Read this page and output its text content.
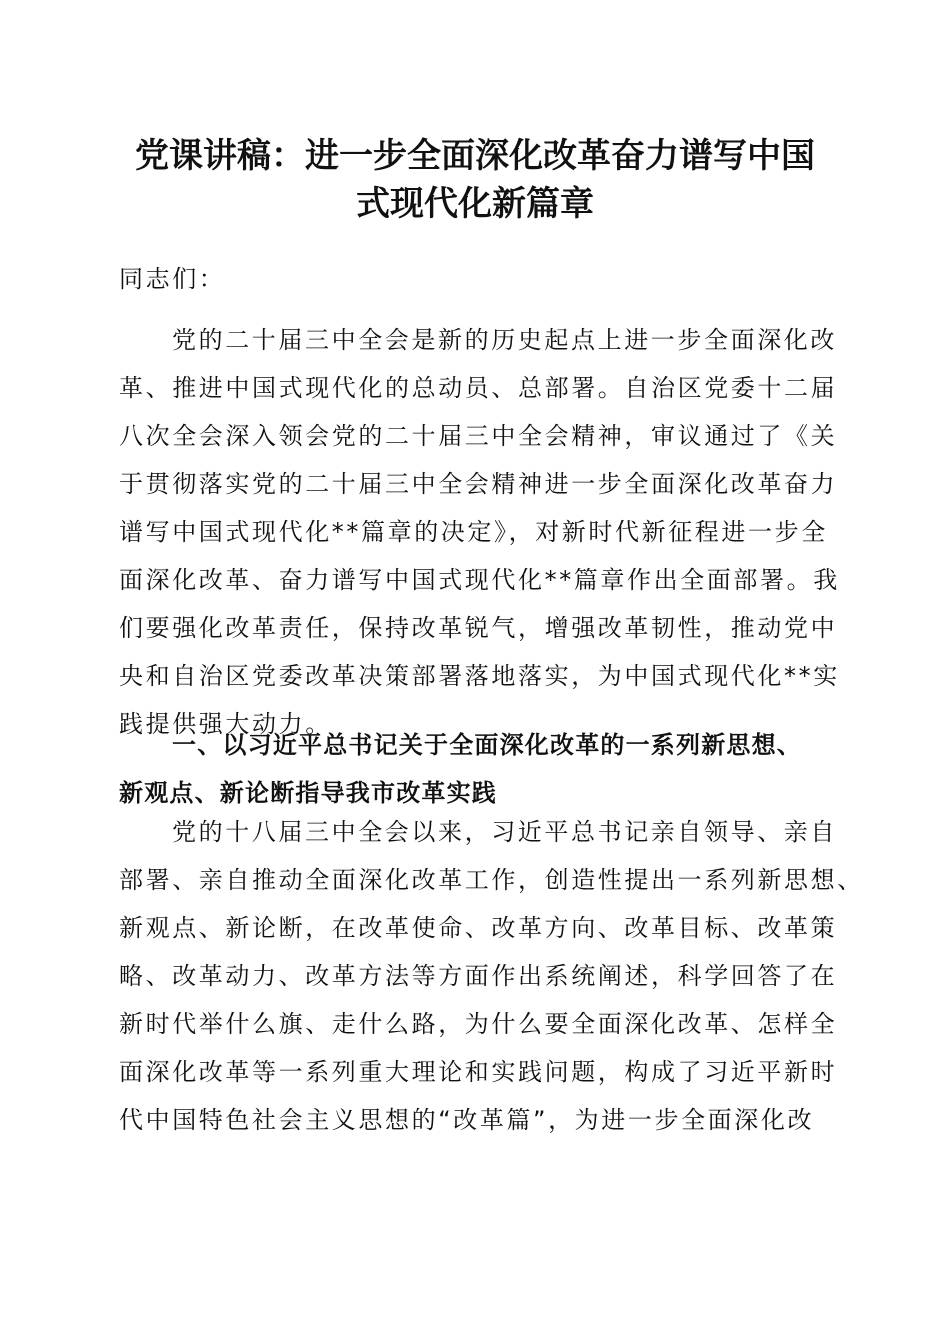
党课讲稿：进一步全面深化改革奋力谱写中国
式现代化新篇章
同志们：
党的二十届三中全会是新的历史起点上进一步全面深化改
革、推进中国式现代化的总动员、总部署。自治区党委十二届
八次全会深入领会党的二十届三中全会精神，审议通过了《关
于贯彻落实党的二十届三中全会精神进一步全面深化改革奋力
谱写中国式现代化**篇章的决定》，对新时代新征程进一步全
面深化改革、奋力谱写中国式现代化**篇章作出全面部署。我
们要强化改革责任，保持改革锐气，增强改革韧性，推动党中
央和自治区党委改革决策部署落地落实，为中国式现代化**实
践提供强大动力。
一、以习近平总书记关于全面深化改革的一系列新思想、
新观点、新论断指导我市改革实践
党的十八届三中全会以来，习近平总书记亲自领导、亲自
部署、亲自推动全面深化改革工作，创造性提出一系列新思想、
新观点、新论断，在改革使命、改革方向、改革目标、改革策
略、改革动力、改革方法等方面作出系统阐述，科学回答了在
新时代举什么旗、走什么路，为什么要全面深化改革、怎样全
面深化改革等一系列重大理论和实践问题，构成了习近平新时
代中国特色社会主义思想的“改革篇”，为进一步全面深化改
